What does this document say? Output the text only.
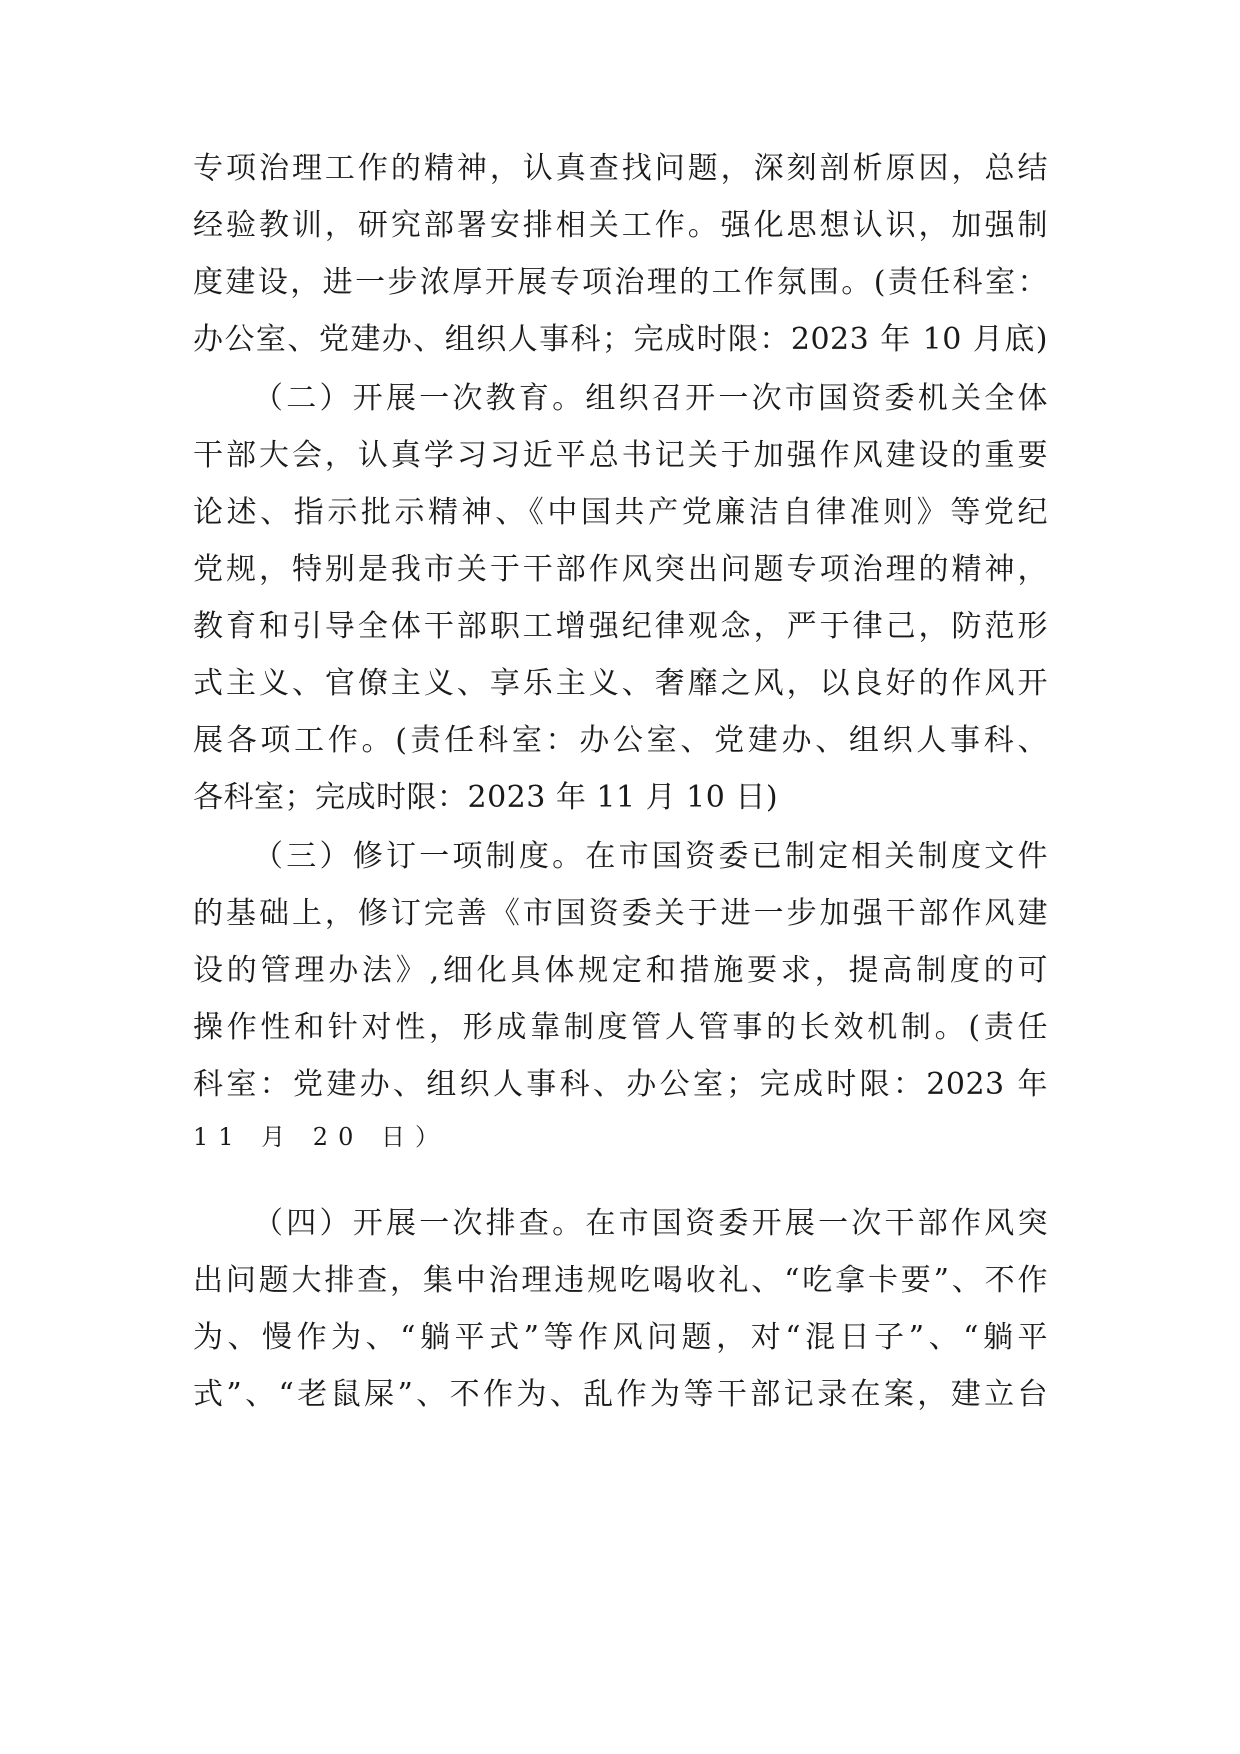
专项治理工作的精神，认真查找问题，深刻剖析原因，总结
经验教训，研究部署安排相关工作。强化思想认识，加强制
度建设，进一步浓厚开展专项治理的工作氛围。(责任科室：
办公室、党建办、组织人事科；完成时限：2023 年 10 月底)
（二）开展一次教育。组织召开一次市国资委机关全体
干部大会，认真学习习近平总书记关于加强作风建设的重要
论述、指示批示精神、《中国共产党廉洁自律准则》等党纪
党规，特别是我市关于干部作风突出问题专项治理的精神，
教育和引导全体干部职工增强纪律观念，严于律己，防范形
式主义、官僚主义、享乐主义、奢靡之风，以良好的作风开
展各项工作。(责任科室：办公室、党建办、组织人事科、
各科室；完成时限：2023 年 11 月 10 日)
（三）修订一项制度。在市国资委已制定相关制度文件
的基础上，修订完善《市国资委关于进一步加强干部作风建
设的管理办法》,细化具体规定和措施要求，提高制度的可
操作性和针对性，形成靠制度管人管事的长效机制。(责任
科室：党建办、组织人事科、办公室；完成时限：2023 年
11 月 20 日）
（四）开展一次排查。在市国资委开展一次干部作风突
出问题大排查，集中治理违规吃喝收礼、“吃拿卡要”、不作
为、慢作为、“躺平式”等作风问题，对“混日子”、“躺平
式”、“老鼠屎”、不作为、乱作为等干部记录在案，建立台
